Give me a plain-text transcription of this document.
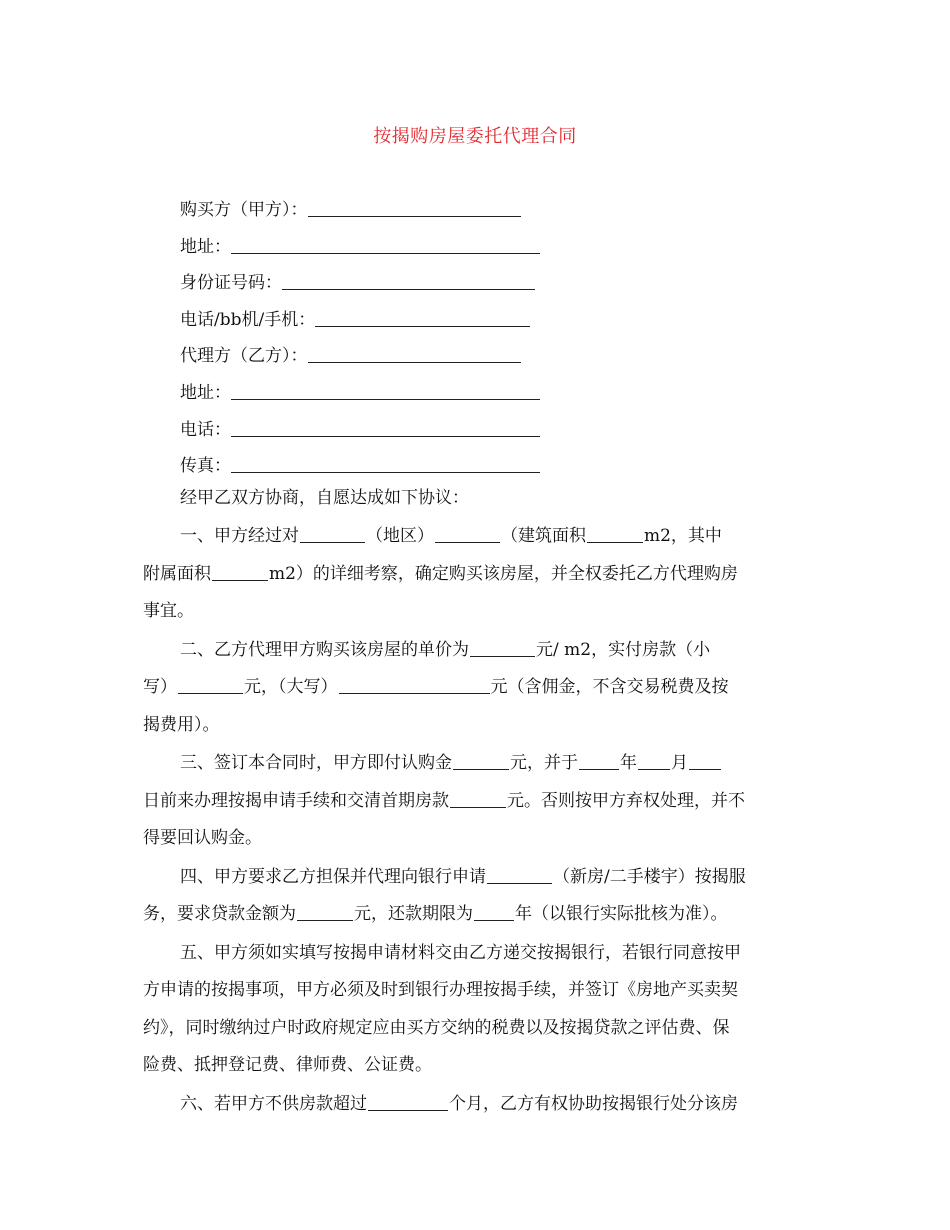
按揭购房屋委托代理合同
购买方（甲方）：
地址：
身份证号码：
电话/bb机/手机：
代理方（乙方）：
地址：
电话：
传真：
经甲乙双方协商，自愿达成如下协议：
一、甲方经过对	（地区）	（建筑面积	m2，其中
附属面积	m2）的详细考察，确定购买该房屋，并全权委托乙方代理购房
事宜。
二、乙方代理甲方购买该房屋的单价为	元/ m2，实付房款（小
写）	元，（大写）	元（含佣金，不含交易税费及按
揭费用）。
三、签订本合同时，甲方即付认购金	元，并于 年 月
日前来办理按揭申请手续和交清首期房款	元。否则按甲方弃权处理，并不
得要回认购金。
四、甲方要求乙方担保并代理向银行申请	（新房/二手楼宇）按揭服
务，要求贷款金额为	元，还款期限为 年（以银行实际批核为准）。
五、甲方须如实填写按揭申请材料交由乙方递交按揭银行，若银行同意按甲
方申请的按揭事项，甲方必须及时到银行办理按揭手续，并签订《房地产买卖契
约》，同时缴纳过户时政府规定应由买方交纳的税费以及按揭贷款之评估费、保
险费、抵押登记费、律师费、公证费。
六、若甲方不供房款超过	个月，乙方有权协助按揭银行处分该房
